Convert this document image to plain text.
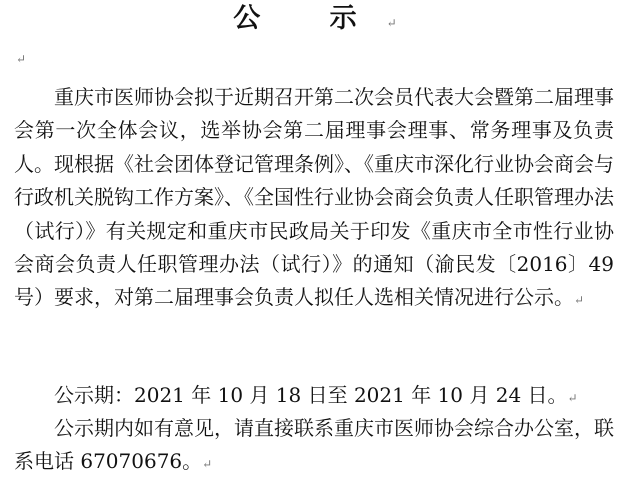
公 示↵
↵

重庆市医师协会拟于近期召开第二次会员代表大会暨第二届理事会第一次全体会议，选举协会第二届理事会理事、常务理事及负责人。现根据《社会团体登记管理条例》、《重庆市深化行业协会商会与行政机关脱钩工作方案》、《全国性行业协会商会负责人任职管理办法（试行）》有关规定和重庆市民政局关于印发《重庆市全市性行业协会商会负责人任职管理办法（试行）》的通知（渝民发〔2016〕49号）要求，对第二届理事会负责人拟任人选相关情况进行公示。↵

公示期：2021 年 10 月 18 日至 2021 年 10 月 24 日。↵

公示期内如有意见，请直接联系重庆市医师协会综合办公室，联系电话 67070676。↵
